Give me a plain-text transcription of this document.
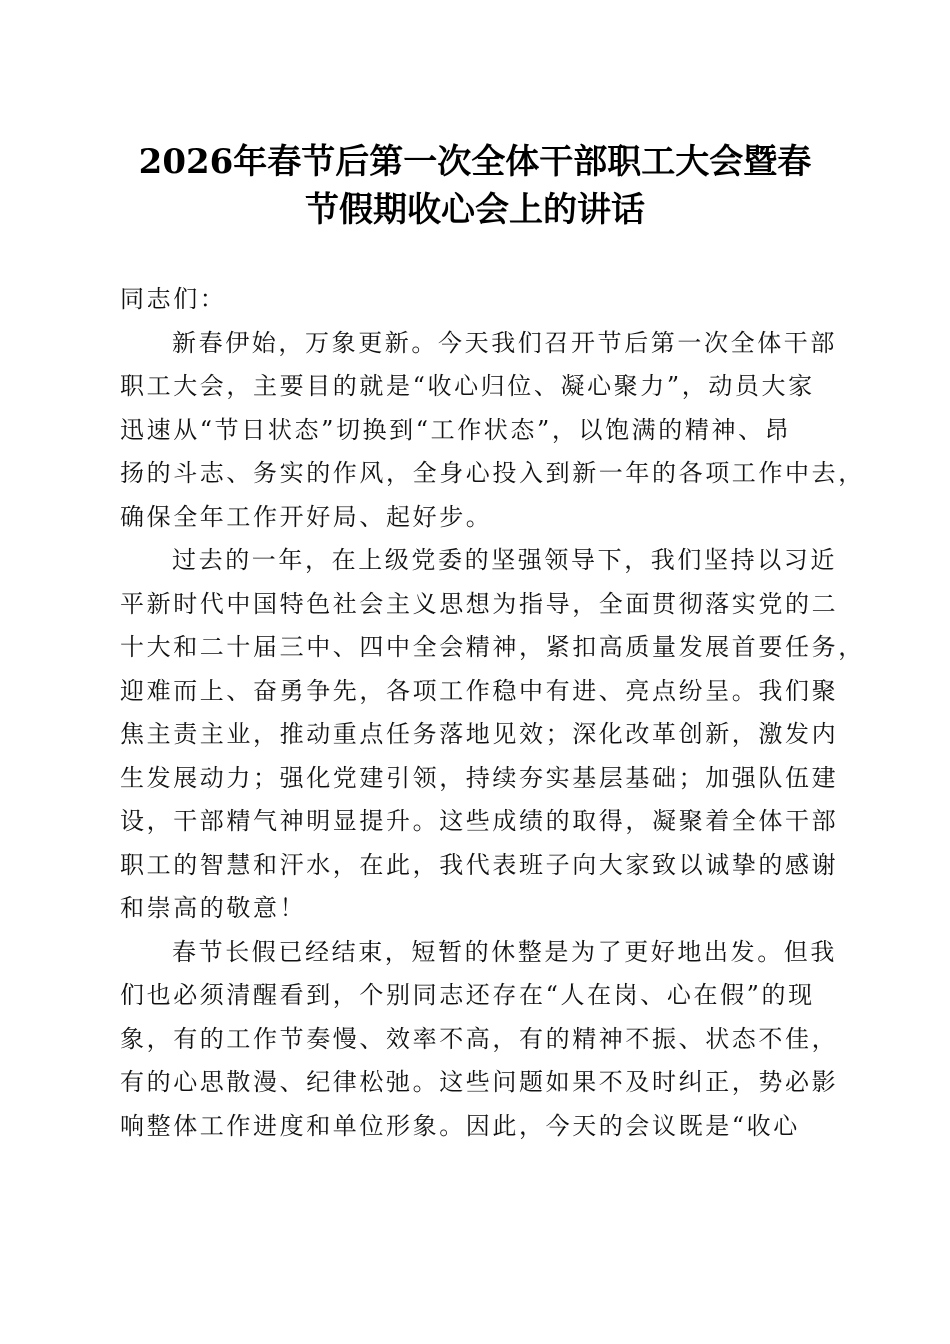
2026年春节后第一次全体干部职工大会暨春
节假期收心会上的讲话
同志们：
新春伊始，万象更新。今天我们召开节后第一次全体干部
职工大会，主要目的就是“收心归位、凝心聚力”，动员大家
迅速从“节日状态”切换到“工作状态”，以饱满的精神、昂
扬的斗志、务实的作风，全身心投入到新一年的各项工作中去，
确保全年工作开好局、起好步。
过去的一年，在上级党委的坚强领导下，我们坚持以习近
平新时代中国特色社会主义思想为指导，全面贯彻落实党的二
十大和二十届三中、四中全会精神，紧扣高质量发展首要任务，
迎难而上、奋勇争先，各项工作稳中有进、亮点纷呈。我们聚
焦主责主业，推动重点任务落地见效；深化改革创新，激发内
生发展动力；强化党建引领，持续夯实基层基础；加强队伍建
设，干部精气神明显提升。这些成绩的取得，凝聚着全体干部
职工的智慧和汗水，在此，我代表班子向大家致以诚挚的感谢
和崇高的敬意！
春节长假已经结束，短暂的休整是为了更好地出发。但我
们也必须清醒看到，个别同志还存在“人在岗、心在假”的现
象，有的工作节奏慢、效率不高，有的精神不振、状态不佳，
有的心思散漫、纪律松弛。这些问题如果不及时纠正，势必影
响整体工作进度和单位形象。因此，今天的会议既是“收心
